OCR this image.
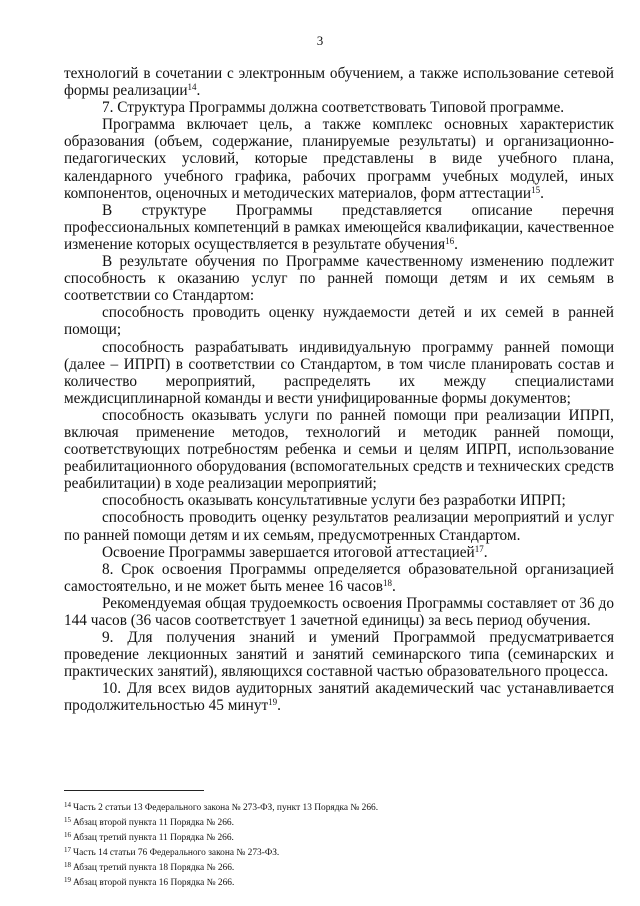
3

технологий в сочетании с электронным обучением, а также использование сетевой формы реализации$^{14}$.

7. Структура Программы должна соответствовать Типовой программе.

Программа включает цель, а также комплекс основных характеристик образования (объем, содержание, планируемые результаты) и организационно-педагогических условий, которые представлены в виде учебного плана, календарного учебного графика, рабочих программ учебных модулей, иных компонентов, оценочных и методических материалов, форм аттестации$^{15}$.

В структуре Программы представляется описание перечня профессиональных компетенций в рамках имеющейся квалификации, качественное изменение которых осуществляется в результате обучения$^{16}$.

В результате обучения по Программе качественному изменению подлежит способность к оказанию услуг по ранней помощи детям и их семьям в соответствии со Стандартом:

способность проводить оценку нуждаемости детей и их семей в ранней помощи;

способность разрабатывать индивидуальную программу ранней помощи (далее – ИПРП) в соответствии со Стандартом, в том числе планировать состав и количество мероприятий, распределять их между специалистами междисциплинарной команды и вести унифицированные формы документов;

способность оказывать услуги по ранней помощи при реализации ИПРП, включая применение методов, технологий и методик ранней помощи, соответствующих потребностям ребенка и семьи и целям ИПРП, использование реабилитационного оборудования (вспомогательных средств и технических средств реабилитации) в ходе реализации мероприятий;

способность оказывать консультативные услуги без разработки ИПРП;

способность проводить оценку результатов реализации мероприятий и услуг по ранней помощи детям и их семьям, предусмотренных Стандартом.

Освоение Программы завершается итоговой аттестацией$^{17}$.

8. Срок освоения Программы определяется образовательной организацией самостоятельно, и не может быть менее 16 часов$^{18}$.

Рекомендуемая общая трудоемкость освоения Программы составляет от 36 до 144 часов (36 часов соответствует 1 зачетной единицы) за весь период обучения.

9. Для получения знаний и умений Программой предусматривается проведение лекционных занятий и занятий семинарского типа (семинарских и практических занятий), являющихся составной частью образовательного процесса.

10. Для всех видов аудиторных занятий академический час устанавливается продолжительностью 45 минут$^{19}$.

$^{14}$ Часть 2 статьи 13 Федерального закона № 273-ФЗ, пункт 13 Порядка № 266.

$^{15}$ Абзац второй пункта 11 Порядка № 266.

$^{16}$ Абзац третий пункта 11 Порядка № 266.

$^{17}$ Часть 14 статьи 76 Федерального закона № 273-ФЗ.

$^{18}$ Абзац третий пункта 18 Порядка № 266.

$^{19}$ Абзац второй пункта 16 Порядка № 266.
